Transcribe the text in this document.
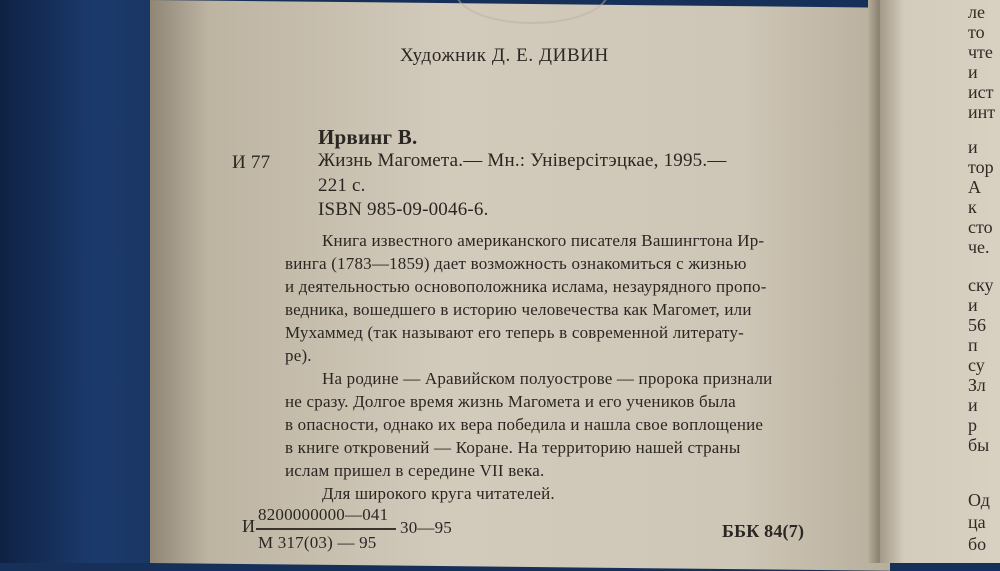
Художник Д. Е. ДИВИН
Ирвинг В.
И 77	Жизнь Магомета.— Мн.: Універсітэцкае, 1995.—
221 с.
ISBN 985-09-0046-6.
Книга известного американского писателя Вашингтона Ир-
винга (1783—1859) дает возможность ознакомиться с жизнью
и деятельностью основоположника ислама, незаурядного пропо-
ведника, вошедшего в историю человечества как Магомет, или
Мухаммед (так называют его теперь в современной литерату-
ре).
На родине — Аравийском полуострове — пророка признали
не сразу. Долгое время жизнь Магомета и его учеников была
в опасности, однако их вера победила и нашла свое воплощение
в книге откровений — Коране. На территорию нашей страны
ислам пришел в середине VII века.
Для широкого круга читателей.
И
8200000000—041
М 317(03) — 95
30—95	ББК 84(7)
ле
то
чте
и
ист
инт
и
тор
А
к
сто
че.
ску
и
56
п
су
Зл
и
р
бы
Од
ца
бо
